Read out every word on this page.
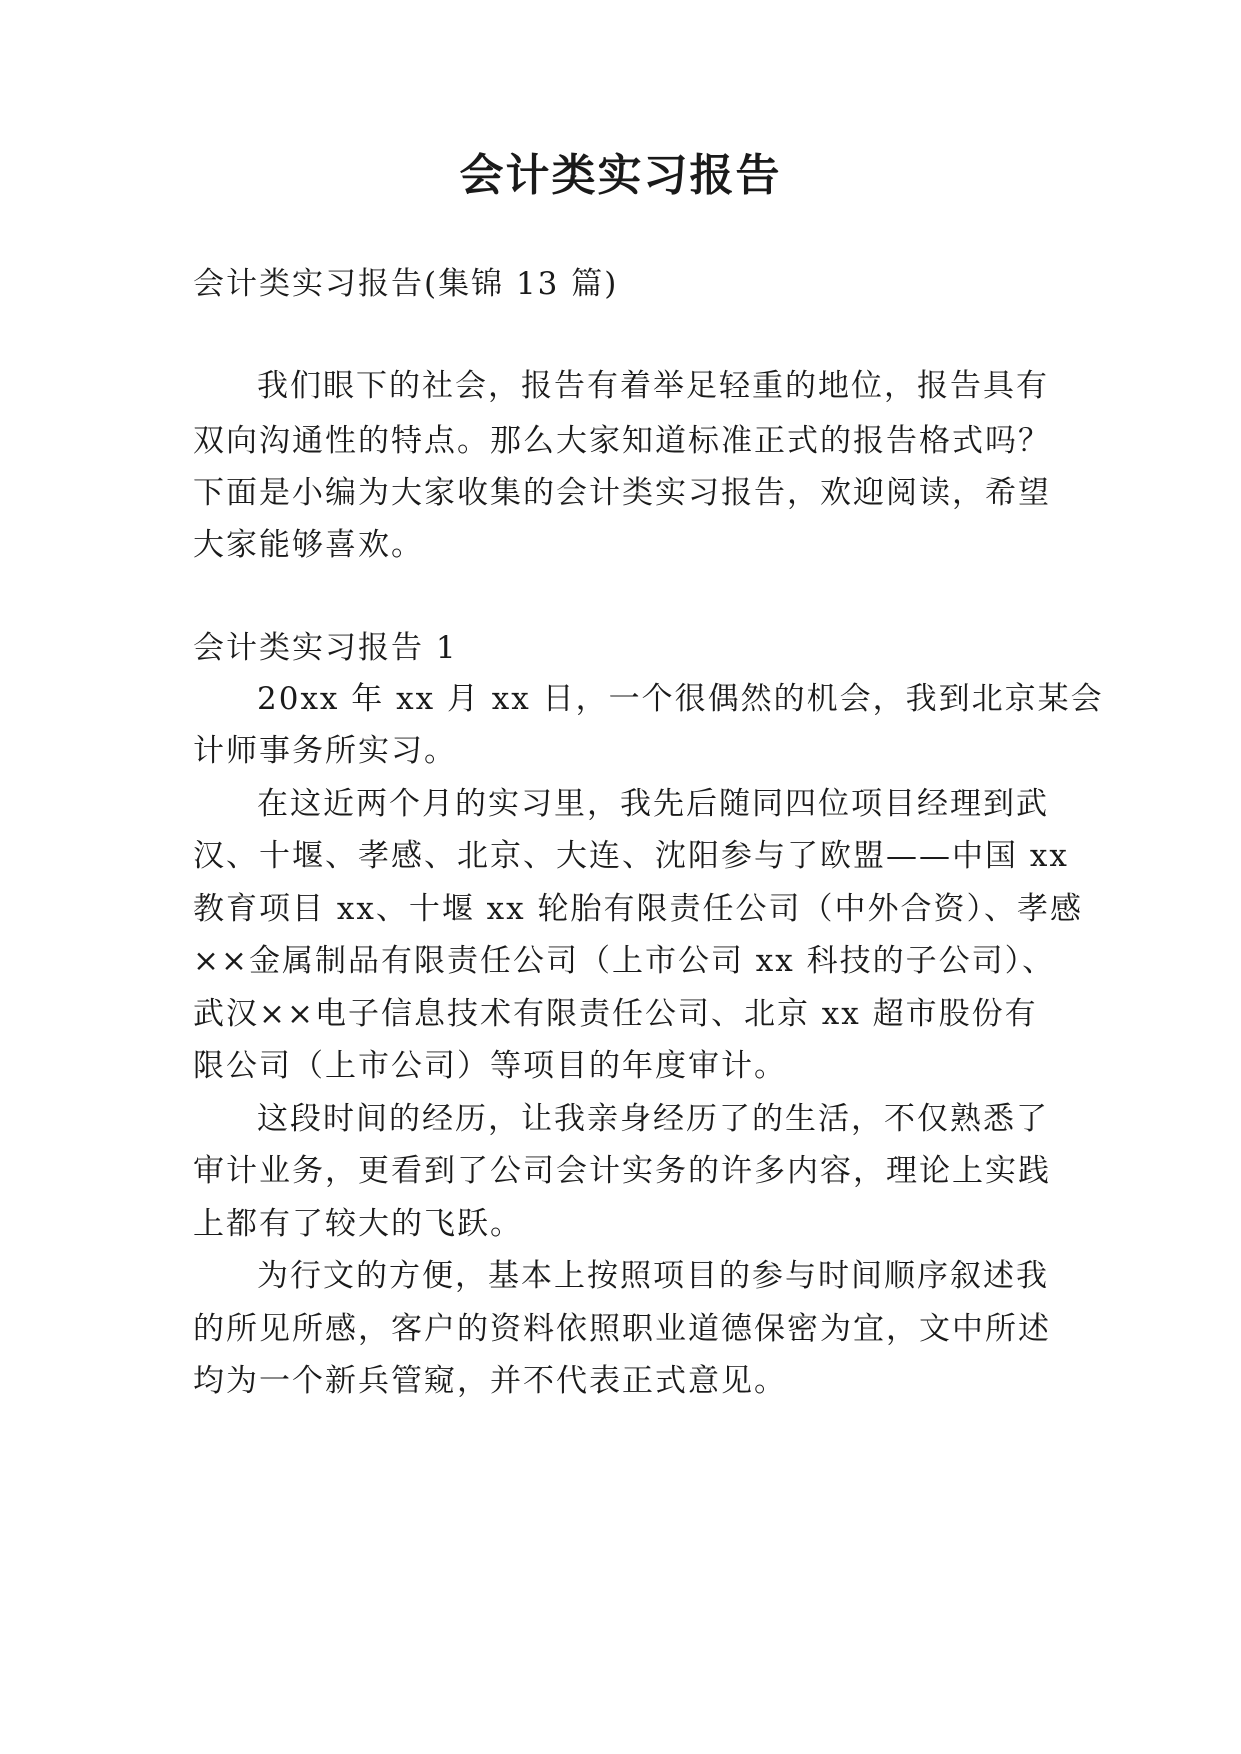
会计类实习报告
会计类实习报告(集锦 13 篇)
我们眼下的社会，报告有着举足轻重的地位，报告具有
双向沟通性的特点。那么大家知道标准正式的报告格式吗？
下面是小编为大家收集的会计类实习报告，欢迎阅读，希望
大家能够喜欢。
会计类实习报告 1
20xx 年 xx 月 xx 日，一个很偶然的机会，我到北京某会
计师事务所实习。
在这近两个月的实习里，我先后随同四位项目经理到武
汉、十堰、孝感、北京、大连、沈阳参与了欧盟——中国 xx
教育项目 xx、十堰 xx 轮胎有限责任公司（中外合资）、孝感
××金属制品有限责任公司（上市公司 xx 科技的子公司）、
武汉××电子信息技术有限责任公司、北京 xx 超市股份有
限公司（上市公司）等项目的年度审计。
这段时间的经历，让我亲身经历了的生活，不仅熟悉了
审计业务，更看到了公司会计实务的许多内容，理论上实践
上都有了较大的飞跃。
为行文的方便，基本上按照项目的参与时间顺序叙述我
的所见所感，客户的资料依照职业道德保密为宜，文中所述
均为一个新兵管窥，并不代表正式意见。
